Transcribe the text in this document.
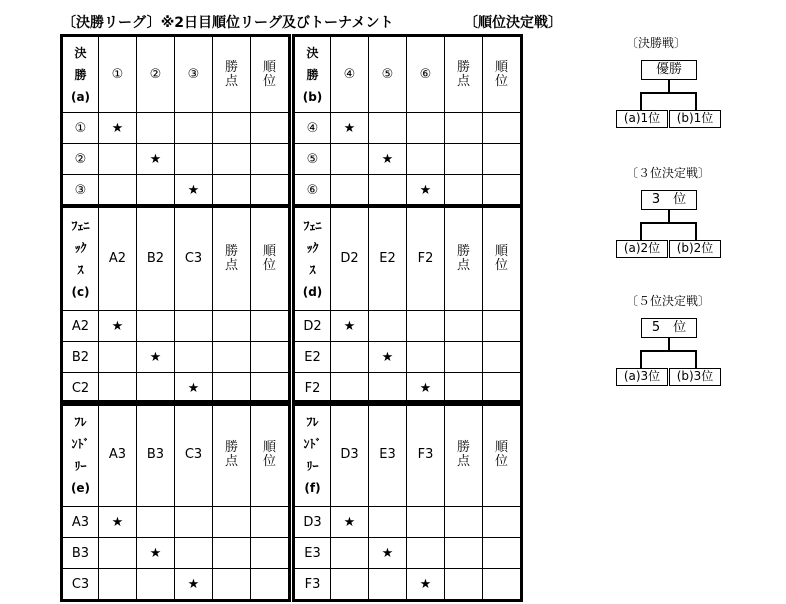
〔決勝リーグ〕※2日目順位リーグ及びトーナメント	〔順位決定戦〕
決
勝
(a)	①	②	③	勝点	順位
①	★				
②		★			
③			★		
決
勝
(b)	④	⑤	⑥	勝点	順位
④	★				
⑤		★			
⑥			★		
ﾌｪﾆ
ｯｸ
ｽ
(c)	A2	B2	C3	勝点	順位
A2	★				
B2		★			
C2			★		
ﾌｪﾆ
ｯｸ
ｽ
(d)	D2	E2	F2	勝点	順位
D2	★				
E2		★			
F2			★		
ﾌﾚ
ﾝﾄﾞ
ﾘｰ
(e)	A3	B3	C3	勝点	順位
A3	★				
B3		★			
C3			★		
ﾌﾚ
ﾝﾄﾞ
ﾘｰ
(f)	D3	E3	F3	勝点	順位
D3	★				
E3		★			
F3			★		
〔決勝戦〕
優勝
(a)1位	(b)1位
〔３位決定戦〕
3　位
(a)2位	(b)2位
〔５位決定戦〕
5　位
(a)3位	(b)3位
